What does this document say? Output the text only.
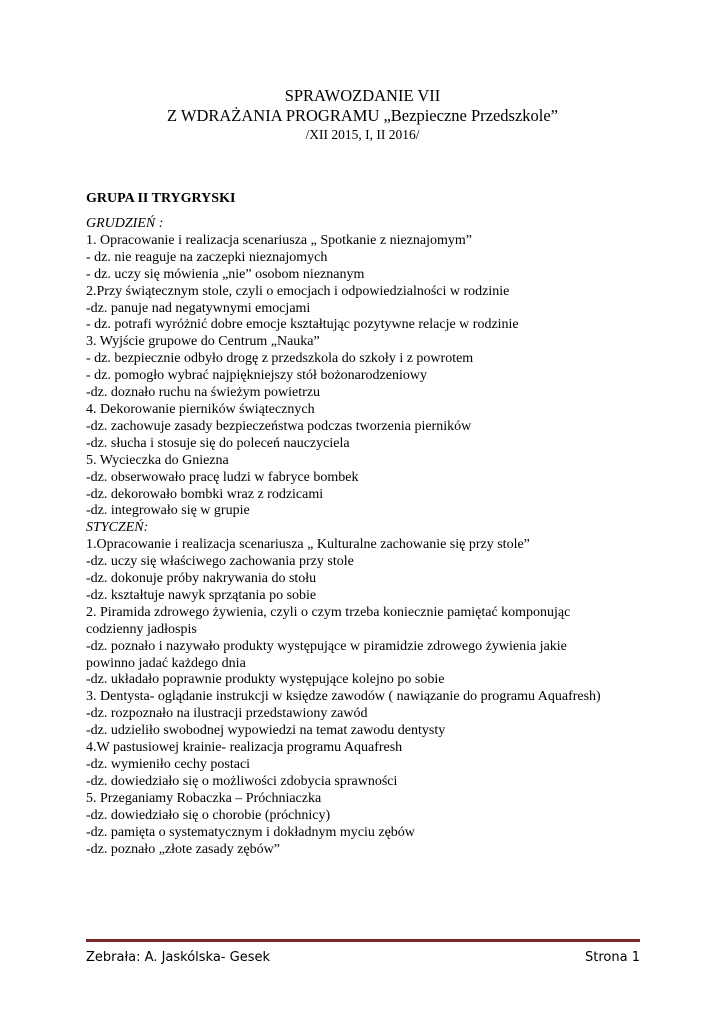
SPRAWOZDANIE VII
Z WDRAŻANIA PROGRAMU „Bezpieczne Przedszkole”
/XII 2015, I, II 2016/
GRUPA II TRYGRYSKI
GRUDZIEŃ :
1. Opracowanie i realizacja scenariusza „ Spotkanie z nieznajomym”
- dz. nie reaguje na zaczepki nieznajomych
- dz. uczy się mówienia „nie” osobom nieznanym
2.Przy świątecznym stole, czyli o emocjach i odpowiedzialności w rodzinie
-dz. panuje nad negatywnymi emocjami
- dz. potrafi wyróżnić dobre emocje kształtując pozytywne relacje w rodzinie
3. Wyjście grupowe do Centrum „Nauka”
- dz. bezpiecznie odbyło drogę z przedszkola do szkoły i z powrotem
- dz. pomogło wybrać najpiękniejszy stół bożonarodzeniowy
-dz. doznało ruchu na świeżym powietrzu
4. Dekorowanie pierników świątecznych
-dz. zachowuje zasady bezpieczeństwa podczas tworzenia pierników
-dz. słucha i stosuje się do poleceń nauczyciela
5. Wycieczka do Gniezna
-dz. obserwowało pracę ludzi w fabryce bombek
-dz. dekorowało bombki wraz z rodzicami
-dz. integrowało się w grupie
STYCZEŃ:
1.Opracowanie i realizacja scenariusza „ Kulturalne zachowanie się przy stole”
-dz. uczy się właściwego zachowania przy stole
-dz. dokonuje próby nakrywania do stołu
-dz. kształtuje nawyk sprzątania po sobie
2. Piramida zdrowego żywienia, czyli o czym trzeba koniecznie pamiętać komponując
codzienny jadłospis
-dz. poznało i nazywało produkty występujące w piramidzie zdrowego żywienia jakie
powinno jadać każdego dnia
-dz. układało poprawnie produkty występujące kolejno po sobie
3. Dentysta- oglądanie instrukcji w księdze zawodów ( nawiązanie do programu Aquafresh)
-dz. rozpoznało na ilustracji przedstawiony zawód
-dz. udzieliło swobodnej wypowiedzi na temat zawodu dentysty
4.W pastusiowej krainie- realizacja programu Aquafresh
-dz. wymieniło cechy postaci
-dz. dowiedziało się o możliwości zdobycia sprawności
5. Przeganiamy Robaczka – Próchniaczka
-dz. dowiedziało się o chorobie (próchnicy)
-dz. pamięta o systematycznym i dokładnym myciu zębów
-dz. poznało „złote zasady zębów”
Zebrała: A. Jaskólska- Gesek	Strona 1
